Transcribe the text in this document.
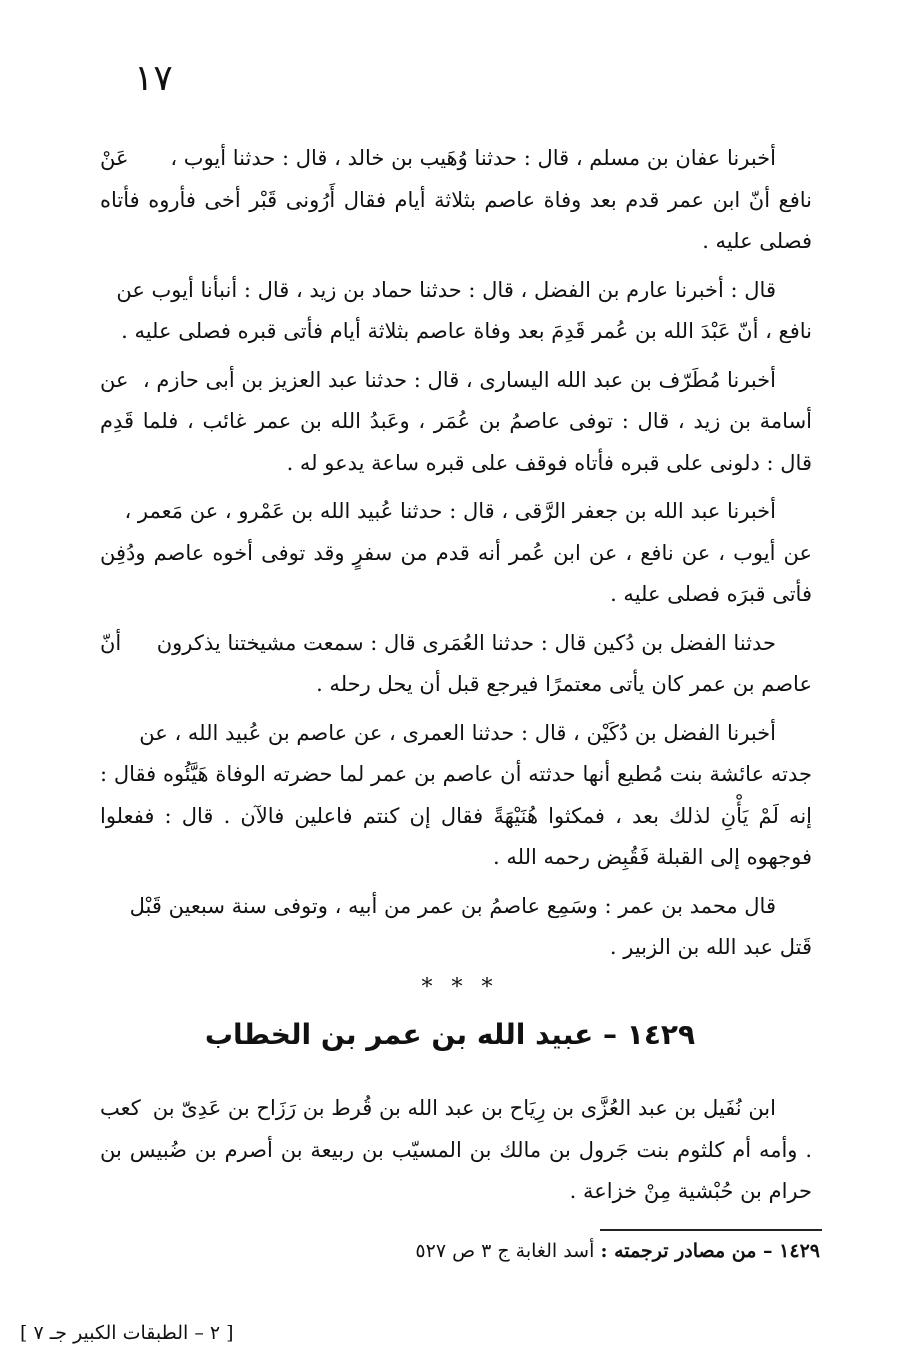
١٧

أخبرنا عفان بن مسلم ، قال : حدثنا وُهَيب بن خالد ، قال : حدثنا أيوب ، عَنْ نافع أنّ ابن عمر قدم بعد وفاة عاصم بثلاثة أيام فقال أَرُونى قَبْر أخى فأروه فأتاه فصلى عليه .

قال : أخبرنا عارم بن الفضل ، قال : حدثنا حماد بن زيد ، قال : أنبأنا أيوب عن نافع ، أنّ عَبْدَ الله بن عُمر قَدِمَ بعد وفاة عاصم بثلاثة أيام فأتى قبره فصلى عليه .

أخبرنا مُطَرّف بن عبد الله اليسارى ، قال : حدثنا عبد العزيز بن أبى حازم ، عن أسامة بن زيد ، قال : توفى عاصمُ بن عُمَر ، وعَبدُ الله بن عمر غائب ، فلما قَدِم قال : دلونى على قبره فأتاه فوقف على قبره ساعة يدعو له .

أخبرنا عبد الله بن جعفر الرَّقى ، قال : حدثنا عُبيد الله بن عَمْرو ، عن مَعمر ، عن أيوب ، عن نافع ، عن ابن عُمر أنه قدم من سفرٍ وقد توفى أخوه عاصم ودُفِن فأتى قبرَه فصلى عليه .

حدثنا الفضل بن دُكين قال : حدثنا العُمَرى قال : سمعت مشيختنا يذكرون أنّ عاصم بن عمر كان يأتى معتمرًا فيرجع قبل أن يحل رحله .

أخبرنا الفضل بن دُكَيْن ، قال : حدثنا العمرى ، عن عاصم بن عُبيد الله ، عن جدته عائشة بنت مُطيع أنها حدثته أن عاصم بن عمر لما حضرته الوفاة هَيَّئُوه فقال : إنه لَمْ يَأْنِ لذلك بعد ، فمكثوا هُنَيْهَةً فقال إن كنتم فاعلين فالآن . قال : ففعلوا فوجهوه إلى القبلة فَقُبِض رحمه الله .

قال محمد بن عمر : وسَمِع عاصمُ بن عمر من أبيه ، وتوفى سنة سبعين قَبْل قَتل عبد الله بن الزبير .

* * *
١٤٢٩ – عبيد الله بن عمر بن الخطاب
ابن نُفَيل بن عبد العُزَّى بن رِيَاح بن عبد الله بن قُرط بن رَزَاح بن عَدِىّ بن كعب . وأمه أم كلثوم بنت جَرول بن مالك بن المسيّب بن ربيعة بن أصرم بن ضُبيس بن حرام بن حُبْشية مِنْ خزاعة .
١٤٢٩ – من مصادر ترجمته : أسد الغابة ج ٣ ص ٥٢٧
[ ٢ – الطبقات الكبير جـ ٧ ]
